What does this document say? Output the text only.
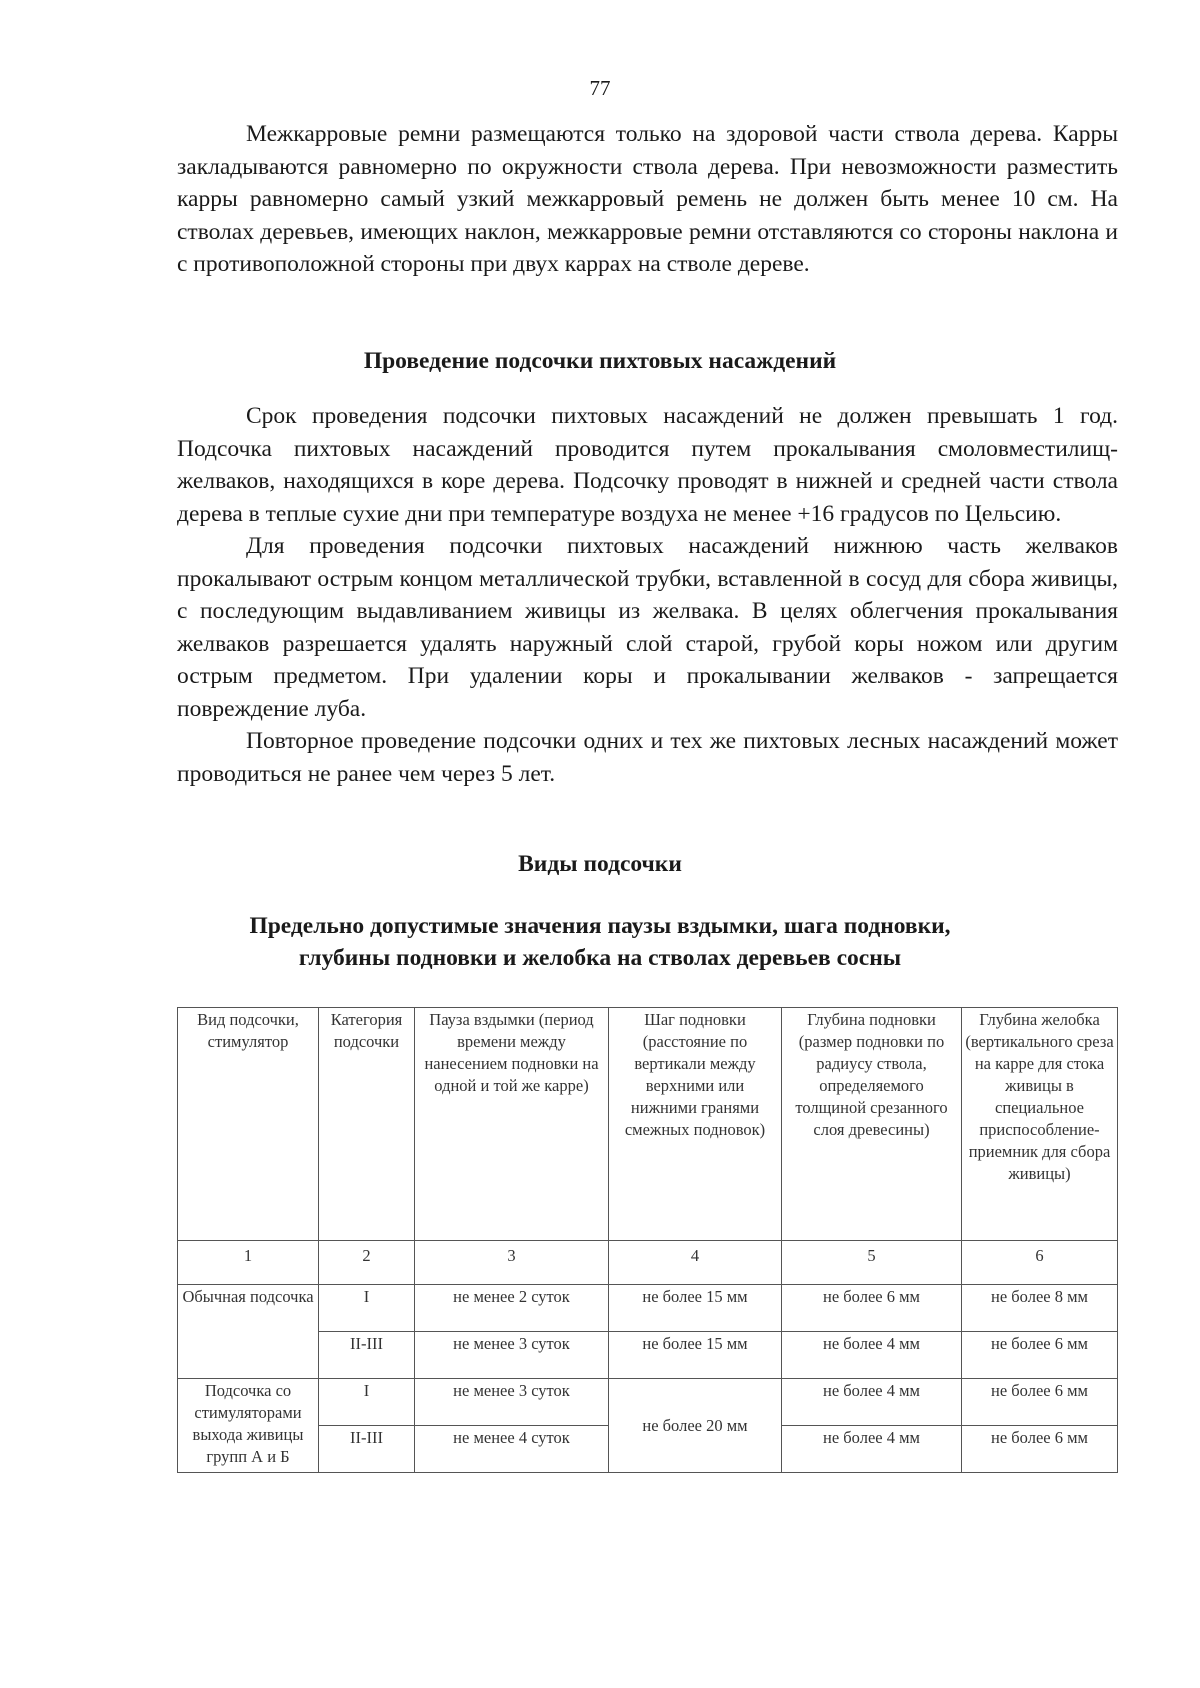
77

Межкарровые ремни размещаются только на здоровой части ствола дерева. Карры закладываются равномерно по окружности ствола дерева. При невозможности разместить карры равномерно самый узкий межкарровый ремень не должен быть менее 10 см. На стволах деревьев, имеющих наклон, межкарровые ремни отставляются со стороны наклона и с противоположной стороны при двух каррах на стволе дереве.

Проведение подсочки пихтовых насаждений

Срок проведения подсочки пихтовых насаждений не должен превышать 1 год. Подсочка пихтовых насаждений проводится путем прокалывания смоловместилищ-желваков, находящихся в коре дерева. Подсочку проводят в нижней и средней части ствола дерева в теплые сухие дни при температуре воздуха не менее +16 градусов по Цельсию.

Для проведения подсочки пихтовых насаждений нижнюю часть желваков прокалывают острым концом металлической трубки, вставленной в сосуд для сбора живицы, с последующим выдавливанием живицы из желвака. В целях облегчения прокалывания желваков разрешается удалять наружный слой старой, грубой коры ножом или другим острым предметом. При удалении коры и прокалывании желваков - запрещается повреждение луба.

Повторное проведение подсочки одних и тех же пихтовых лесных насаждений может проводиться не ранее чем через 5 лет.

Виды подсочки
Предельно допустимые значения паузы вздымки, шага подновки,
глубины подновки и желобка на стволах деревьев сосны
Вид подсочки, стимулятор	Категория подсочки	Пауза вздымки (период времени между нанесением подновки на одной и той же карре)	Шаг подновки (расстояние по вертикали между верхними или нижними гранями смежных подновок)	Глубина подновки (размер подновки по радиусу ствола, определяемого толщиной срезанного слоя древесины)	Глубина желобка (вертикального среза на карре для стока живицы в специальное приспособление-приемник для сбора живицы)
1	2	3	4	5	6
Обычная подсочка	I	не менее 2 суток	не более 15 мм	не более 6 мм	не более 8 мм
	II-III	не менее 3 суток	не более 15 мм	не более 4 мм	не более 6 мм
Подсочка со стимуляторами выхода живицы групп А и Б	I	не менее 3 суток	не более 20 мм	не более 4 мм	не более 6 мм
	II-III	не менее 4 суток		не более 4 мм	не более 6 мм
